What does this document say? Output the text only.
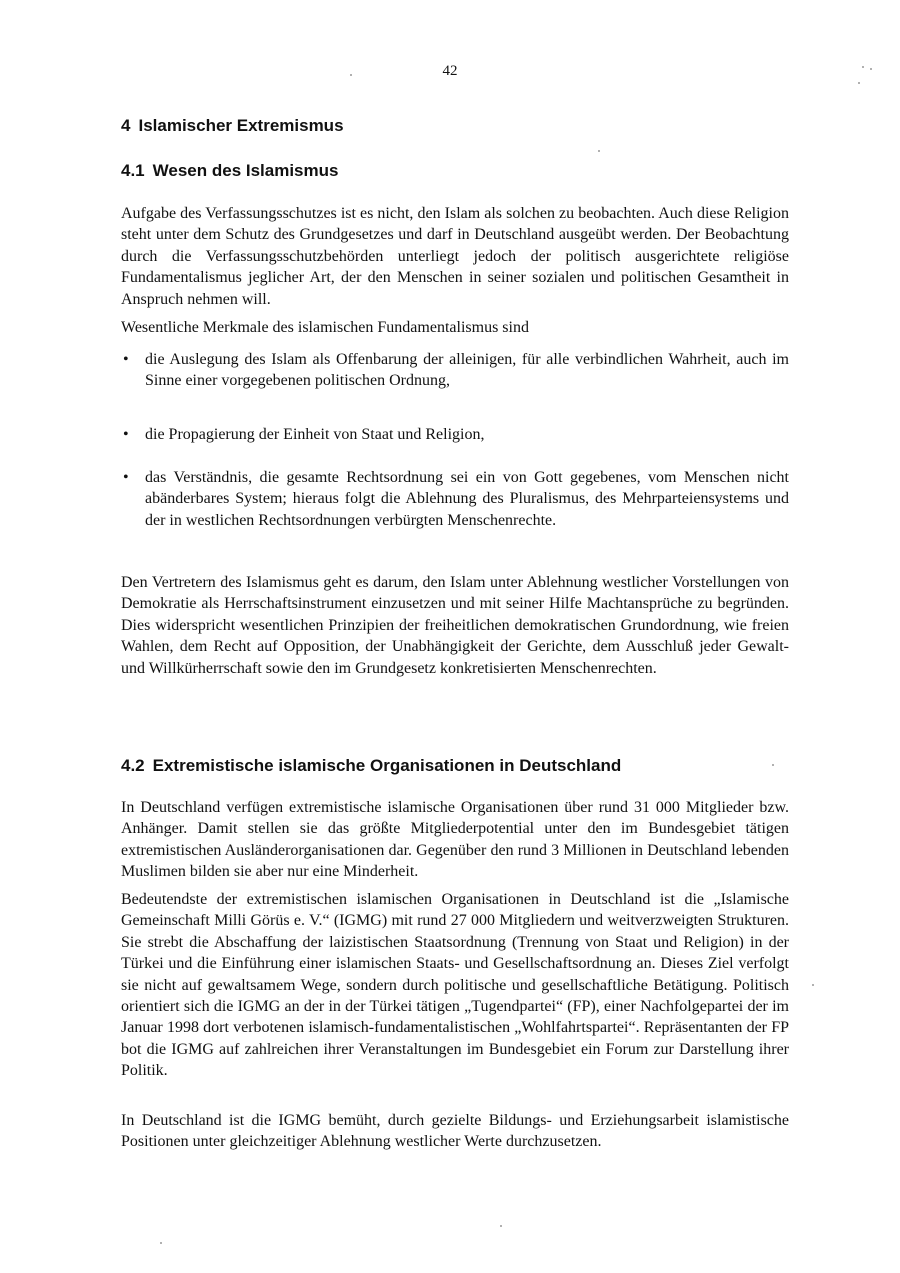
42
4 Islamischer Extremismus
4.1 Wesen des Islamismus

Aufgabe des Verfassungsschutzes ist es nicht, den Islam als solchen zu beobachten. Auch diese Religion steht unter dem Schutz des Grundgesetzes und darf in Deutschland ausgeübt werden. Der Beobachtung durch die Verfassungsschutzbehörden unterliegt jedoch der politisch ausgerichtete religiöse Fundamentalismus jeglicher Art, der den Menschen in seiner sozialen und politischen Gesamtheit in Anspruch nehmen will.

Wesentliche Merkmale des islamischen Fundamentalismus sind

• die Auslegung des Islam als Offenbarung der alleinigen, für alle verbindlichen Wahrheit, auch im Sinne einer vorgegebenen politischen Ordnung,
• die Propagierung der Einheit von Staat und Religion,
• das Verständnis, die gesamte Rechtsordnung sei ein von Gott gegebenes, vom Menschen nicht abänderbares System; hieraus folgt die Ablehnung des Pluralismus, des Mehrparteiensystems und der in westlichen Rechtsordnungen verbürgten Menschenrechte.

Den Vertretern des Islamismus geht es darum, den Islam unter Ablehnung westlicher Vorstellungen von Demokratie als Herrschaftsinstrument einzusetzen und mit seiner Hilfe Machtansprüche zu begründen. Dies widerspricht wesentlichen Prinzipien der freiheitlichen demokratischen Grundordnung, wie freien Wahlen, dem Recht auf Opposition, der Unabhängigkeit der Gerichte, dem Ausschluß jeder Gewalt- und Willkürherrschaft sowie den im Grundgesetz konkretisierten Menschenrechten.

4.2 Extremistische islamische Organisationen in Deutschland

In Deutschland verfügen extremistische islamische Organisationen über rund 31 000 Mitglieder bzw. Anhänger. Damit stellen sie das größte Mitgliederpotential unter den im Bundesgebiet tätigen extremistischen Ausländerorganisationen dar. Gegenüber den rund 3 Millionen in Deutschland lebenden Muslimen bilden sie aber nur eine Minderheit.

Bedeutendste der extremistischen islamischen Organisationen in Deutschland ist die „Islamische Gemeinschaft Milli Görüs e. V.“ (IGMG) mit rund 27 000 Mitgliedern und weitverzweigten Strukturen. Sie strebt die Abschaffung der laizistischen Staatsordnung (Trennung von Staat und Religion) in der Türkei und die Einführung einer islamischen Staats- und Gesellschaftsordnung an. Dieses Ziel verfolgt sie nicht auf gewaltsamem Wege, sondern durch politische und gesellschaftliche Betätigung. Politisch orientiert sich die IGMG an der in der Türkei tätigen „Tugendpartei“ (FP), einer Nachfolgepartei der im Januar 1998 dort verbotenen islamisch-fundamentalistischen „Wohlfahrtspartei“. Repräsentanten der FP bot die IGMG auf zahlreichen ihrer Veranstaltungen im Bundesgebiet ein Forum zur Darstellung ihrer Politik.

In Deutschland ist die IGMG bemüht, durch gezielte Bildungs- und Erziehungsarbeit islamistische Positionen unter gleichzeitiger Ablehnung westlicher Werte durchzusetzen.
